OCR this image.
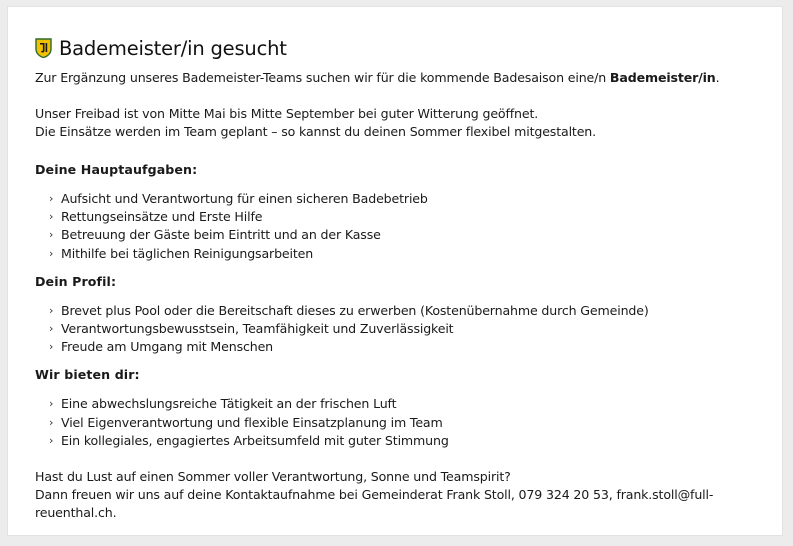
Bademeister/in gesucht

Zur Ergänzung unseres Bademeister-Teams suchen wir für die kommende Badesaison eine/n Bademeister/in.

Unser Freibad ist von Mitte Mai bis Mitte September bei guter Witterung geöffnet.

Die Einsätze werden im Team geplant – so kannst du deinen Sommer flexibel mitgestalten.

Deine Hauptaufgaben:
› Aufsicht und Verantwortung für einen sicheren Badebetrieb
› Rettungseinsätze und Erste Hilfe
› Betreuung der Gäste beim Eintritt und an der Kasse
› Mithilfe bei täglichen Reinigungsarbeiten
Dein Profil:
› Brevet plus Pool oder die Bereitschaft dieses zu erwerben (Kostenübernahme durch Gemeinde)
› Verantwortungsbewusstsein, Teamfähigkeit und Zuverlässigkeit
› Freude am Umgang mit Menschen
Wir bieten dir:
› Eine abwechslungsreiche Tätigkeit an der frischen Luft
› Viel Eigenverantwortung und flexible Einsatzplanung im Team
› Ein kollegiales, engagiertes Arbeitsumfeld mit guter Stimmung

Hast du Lust auf einen Sommer voller Verantwortung, Sonne und Teamspirit?

Dann freuen wir uns auf deine Kontaktaufnahme bei Gemeinderat Frank Stoll, 079 324 20 53, frank.stoll@full-reuenthal.ch.
